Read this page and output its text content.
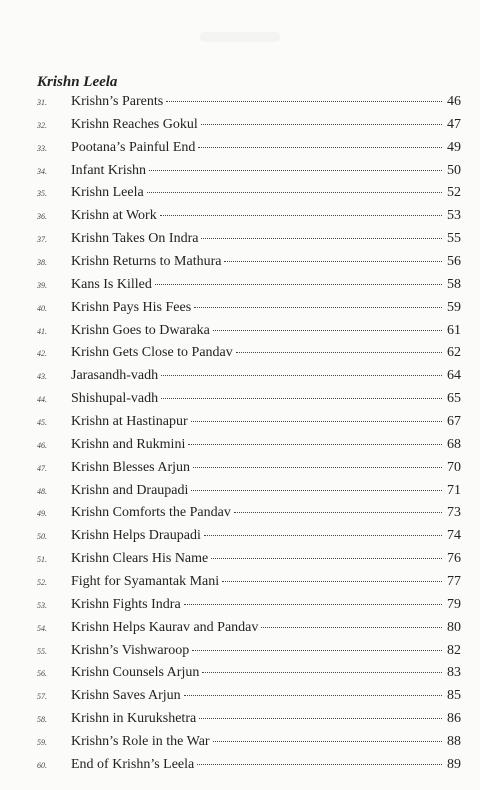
Krishn Leela
31.	Krishn’s Parents	46
32.	Krishn Reaches Gokul	47
33.	Pootana’s Painful End	49
34.	Infant Krishn	50
35.	Krishn Leela	52
36.	Krishn at Work	53
37.	Krishn Takes On Indra	55
38.	Krishn Returns to Mathura	56
39.	Kans Is Killed	58
40.	Krishn Pays His Fees	59
41.	Krishn Goes to Dwaraka	61
42.	Krishn Gets Close to Pandav	62
43.	Jarasandh-vadh	64
44.	Shishupal-vadh	65
45.	Krishn at Hastinapur	67
46.	Krishn and Rukmini	68
47.	Krishn Blesses Arjun	70
48.	Krishn and Draupadi	71
49.	Krishn Comforts the Pandav	73
50.	Krishn Helps Draupadi	74
51.	Krishn Clears His Name	76
52.	Fight for Syamantak Mani	77
53.	Krishn Fights Indra	79
54.	Krishn Helps Kaurav and Pandav	80
55.	Krishn’s Vishwaroop	82
56.	Krishn Counsels Arjun	83
57.	Krishn Saves Arjun	85
58.	Krishn in Kurukshetra	86
59.	Krishn’s Role in the War	88
60.	End of Krishn’s Leela	89
